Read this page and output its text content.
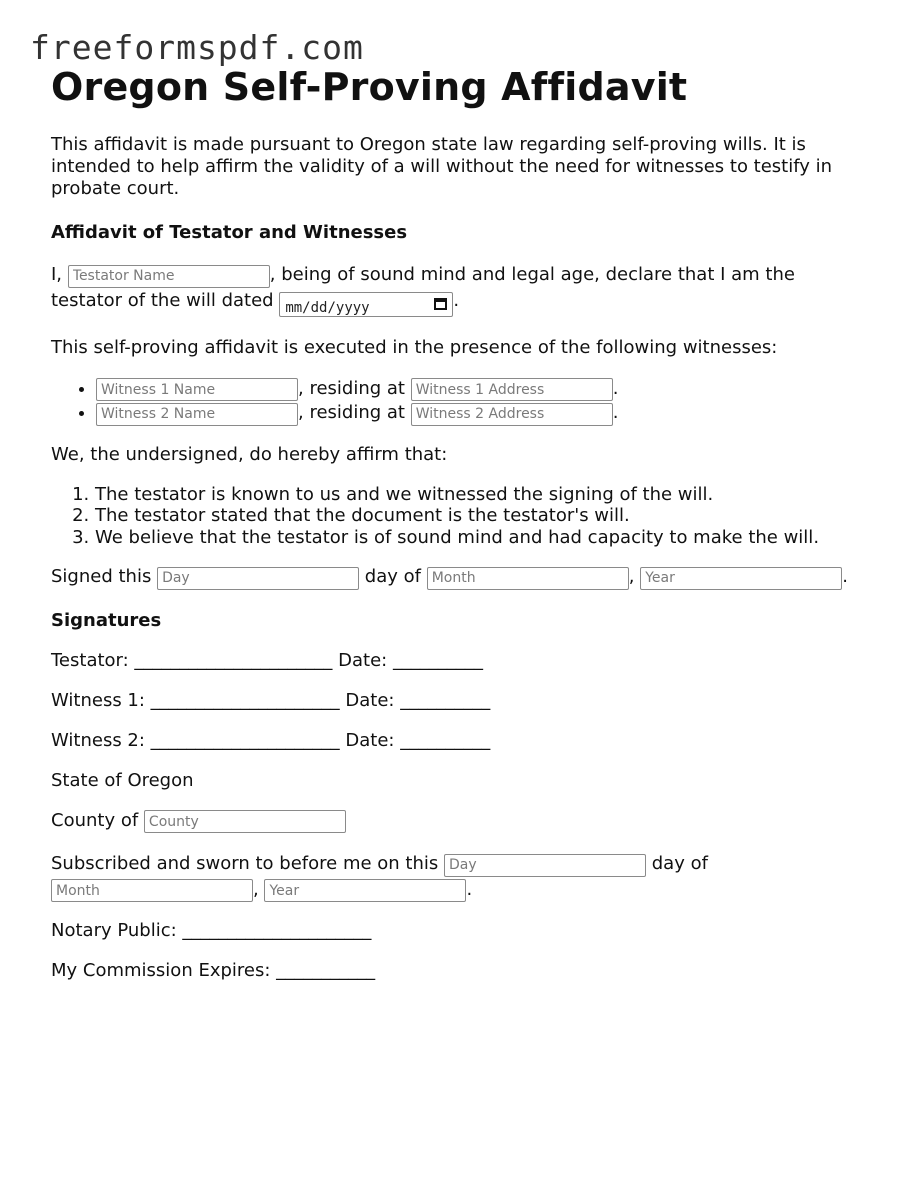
freeformspdf.com
Oregon Self-Proving Affidavit

This affidavit is made pursuant to Oregon state law regarding self-proving wills. It is intended to help affirm the validity of a will without the need for witnesses to testify in probate court.

Affidavit of Testator and Witnesses

I, Testator Name	, being of sound mind and legal age, declare that I am the testator of the will dated mm/dd/yyyy	.

This self-proving affidavit is executed in the presence of the following witnesses:

Witness 1 Name • , residing at Witness 1 Address	.
Witness 2 Name • , residing at Witness 2 Address	.

We, the undersigned, do hereby affirm that:

1. The testator is known to us and we witnessed the signing of the will.
2. The testator stated that the document is the testator's will.
3. We believe that the testator is of sound mind and had capacity to make the will.

Signed this Day	day of Month	, Year	.

Signatures

Testator: ______________________ Date: __________

Witness 1: _____________________ Date: __________

Witness 2: _____________________ Date: __________

State of Oregon

County of County

Subscribed and sworn to before me on this Day	day of
Month, Year	.

Notary Public: _____________________

My Commission Expires: ___________
